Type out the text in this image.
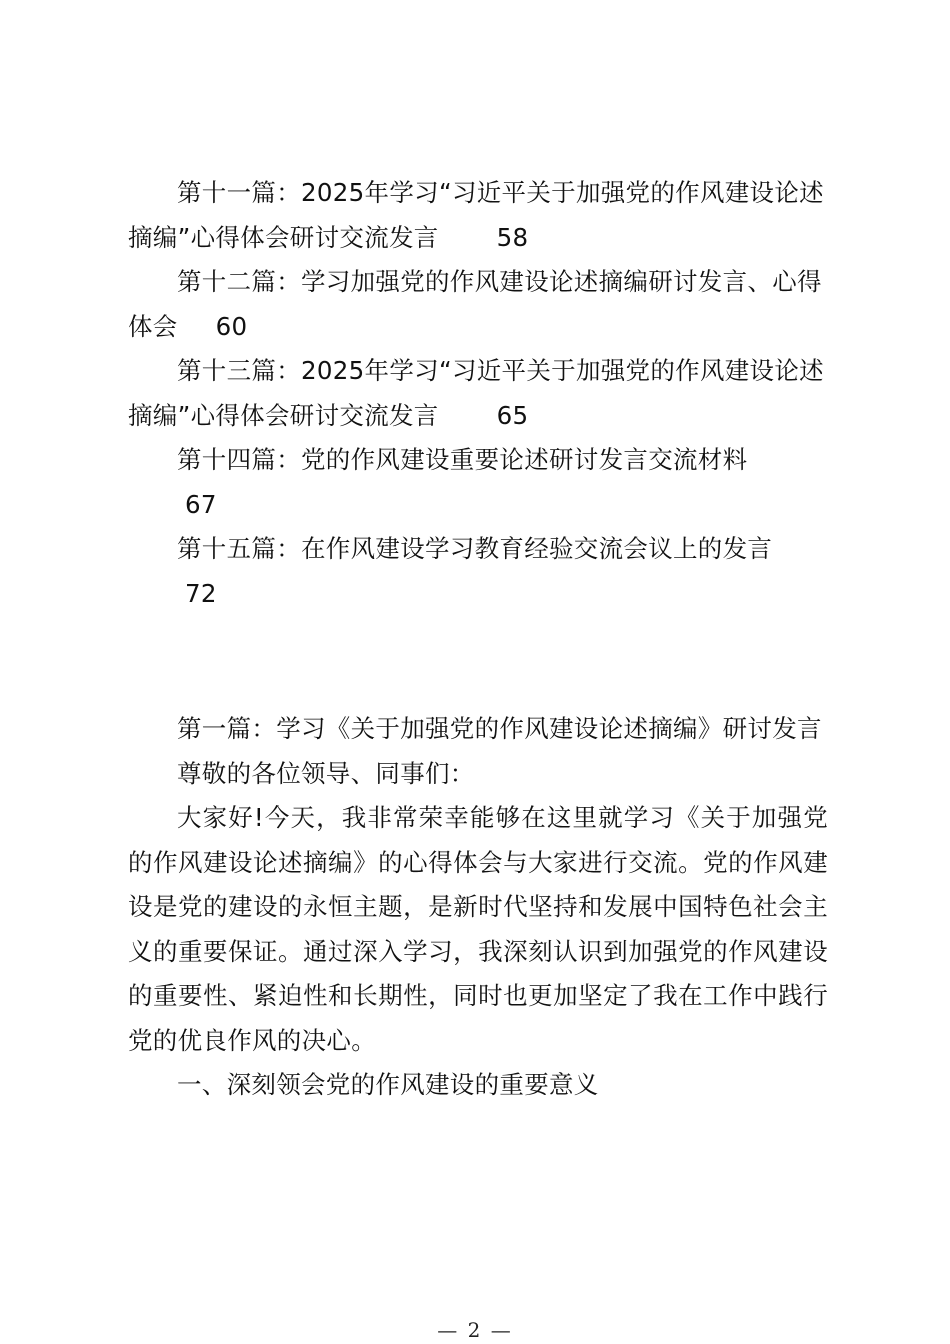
第十一篇：2025年学习“习近平关于加强党的作风建设论述摘编”心得体会研讨交流发言 58

第十二篇：学习加强党的作风建设论述摘编研讨发言、心得体会 60

第十三篇：2025年学习“习近平关于加强党的作风建设论述摘编”心得体会研讨交流发言 65

第十四篇：党的作风建设重要论述研讨发言交流材料
67

第十五篇：在作风建设学习教育经验交流会议上的发言
72

第一篇：学习《关于加强党的作风建设论述摘编》研讨发言

尊敬的各位领导、同事们：

大家好!今天，我非常荣幸能够在这里就学习《关于加强党的作风建设论述摘编》的心得体会与大家进行交流。党的作风建设是党的建设的永恒主题，是新时代坚持和发展中国特色社会主义的重要保证。通过深入学习，我深刻认识到加强党的作风建设的重要性、紧迫性和长期性，同时也更加坚定了我在工作中践行党的优良作风的决心。

一、深刻领会党的作风建设的重要意义

— 2 —
